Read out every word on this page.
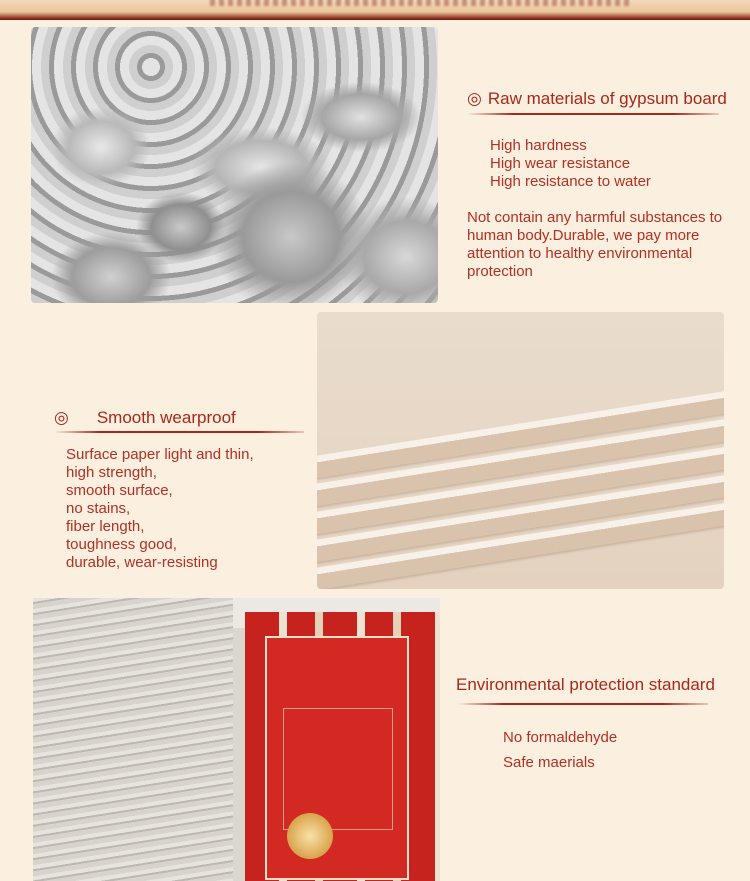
◎ Raw materials of gypsum board
High hardness
High wear resistance
High resistance to water

Not contain any harmful substances to human body.Durable, we pay more attention to healthy environmental protection

◎ Smooth wearproof
Surface paper light and thin,
high strength,
smooth surface,
no stains,
fiber length,
toughness good,
durable, wear-resisting
Environmental protection standard
No formaldehyde
Safe maerials
